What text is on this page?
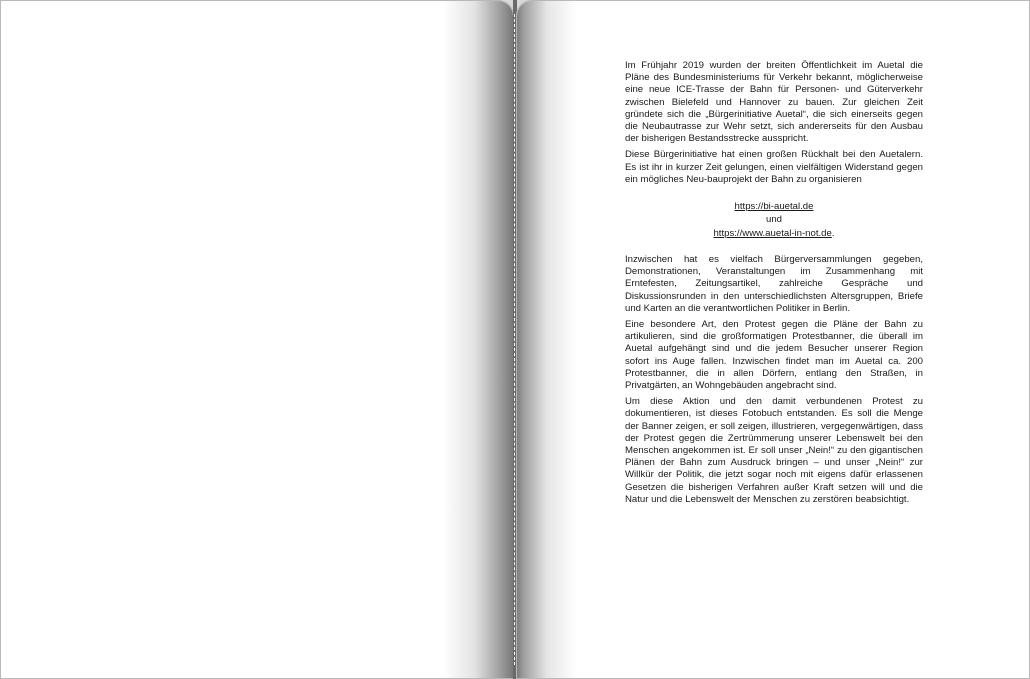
Im Frühjahr 2019 wurden der breiten Öffentlichkeit im Auetal die Pläne des Bundesministeriums für Verkehr bekannt, möglicherweise eine neue ICE-Trasse der Bahn für Personen- und Güterverkehr zwischen Bielefeld und Hannover zu bauen. Zur gleichen Zeit gründete sich die „Bürgerinitiative Auetal“, die sich einerseits gegen die Neubautrasse zur Wehr setzt, sich andererseits für den Ausbau der bisherigen Bestandsstrecke ausspricht.

Diese Bürgerinitiative hat einen großen Rückhalt bei den Auetalern. Es ist ihr in kurzer Zeit gelungen, einen vielfältigen Widerstand gegen ein mögliches Neu-bauprojekt der Bahn zu organisieren

https://bi-auetal.de
und
https://www.auetal-in-not.de.

Inzwischen hat es vielfach Bürgerversammlungen gegeben, Demonstrationen, Veranstaltungen im Zusammenhang mit Erntefesten, Zeitungsartikel, zahlreiche Gespräche und Diskussionsrunden in den unterschiedlichsten Altersgruppen, Briefe und Karten an die verantwortlichen Politiker in Berlin.

Eine besondere Art, den Protest gegen die Pläne der Bahn zu artikulieren, sind die großformatigen Protestbanner, die überall im Auetal aufgehängt sind und die jedem Besucher unserer Region sofort ins Auge fallen. Inzwischen findet man im Auetal ca. 200 Protestbanner, die in allen Dörfern, entlang den Straßen, in Privatgärten, an Wohngebäuden angebracht sind.

Um diese Aktion und den damit verbundenen Protest zu dokumentieren, ist dieses Fotobuch entstanden. Es soll die Menge der Banner zeigen, er soll zeigen, illustrieren, vergegenwärtigen, dass der Protest gegen die Zertrümmerung unserer Lebenswelt bei den Menschen angekommen ist. Er soll unser „Nein!“ zu den gigantischen Plänen der Bahn zum Ausdruck bringen – und unser „Nein!“ zur Willkür der Politik, die jetzt sogar noch mit eigens dafür erlassenen Gesetzen die bisherigen Verfahren außer Kraft setzen will und die Natur und die Lebenswelt der Menschen zu zerstören beabsichtigt.
